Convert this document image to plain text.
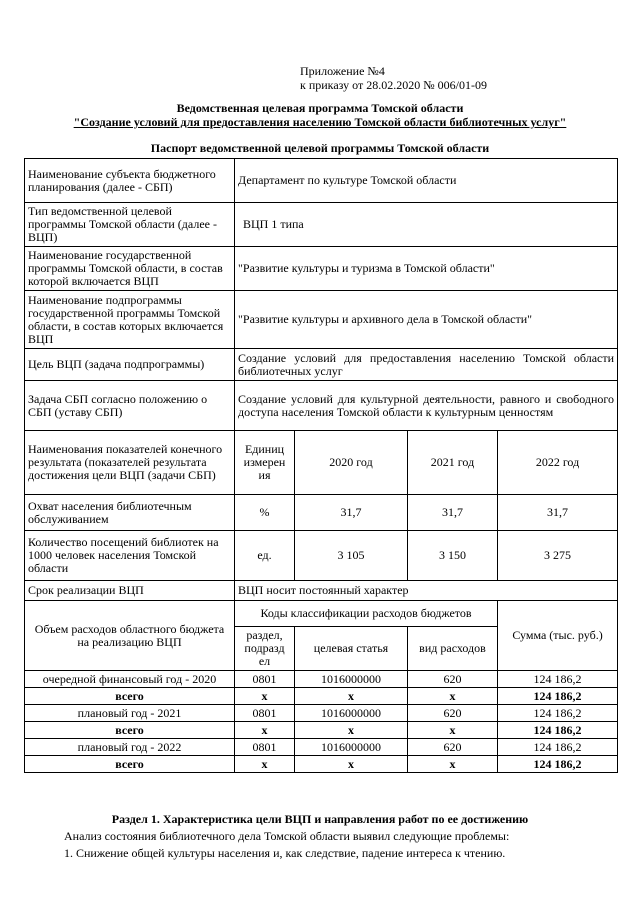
Приложение №4
к приказу от 28.02.2020 № 006/01-09
Ведомственная целевая программа Томской области
"Создание условий для предоставления населению Томской области библиотечных услуг"
Паспорт ведомственной целевой программы Томской области
Наименование субъекта бюджетного планирования (далее - СБП)	Департамент по культуре Томской области			
Тип ведомственной целевой программы Томской области (далее - ВЦП)	ВЦП 1 типа			
Наименование государственной программы Томской области, в состав которой включается ВЦП	"Развитие культуры и туризма в Томской области"			
Наименование подпрограммы государственной программы Томской области, в состав которых включается ВЦП	"Развитие культуры и архивного дела в Томской области"			
Цель ВЦП (задача подпрограммы)	Создание условий для предоставления населению Томской области библиотечных услуг			
Задача СБП согласно положению о СБП (уставу СБП)	Создание условий для культурной деятельности, равного и свободного доступа населения Томской области к культурным ценностям			
Наименования показателей конечного результата (показателей результата достижения цели ВЦП (задачи СБП)	Единиц измерен ия	2020 год	2021 год	2022 год
Охват населения библиотечным обслуживанием	%	31,7	31,7	31,7
Количество посещений библиотек на 1000 человек населения Томской области	ед.	3 105	3 150	3 275
Срок реализации ВЦП	ВЦП носит постоянный характер			
Объем расходов областного бюджета на реализацию ВЦП	Коды классификации расходов бюджетов			Сумма (тыс. руб.)
	раздел, подразд ел	целевая статья	вид расходов	
очередной финансовый год - 2020	0801	1016000000	620	124 186,2
всего	х	х	х	124 186,2
плановый год - 2021	0801	1016000000	620	124 186,2
всего	х	х	х	124 186,2
плановый год - 2022	0801	1016000000	620	124 186,2
всего	х	х	х	124 186,2
Раздел 1. Характеристика цели ВЦП и направления работ по ее достижению
Анализ состояния библиотечного дела Томской области выявил следующие проблемы:
1. Снижение общей культуры населения и, как следствие, падение интереса к чтению.
